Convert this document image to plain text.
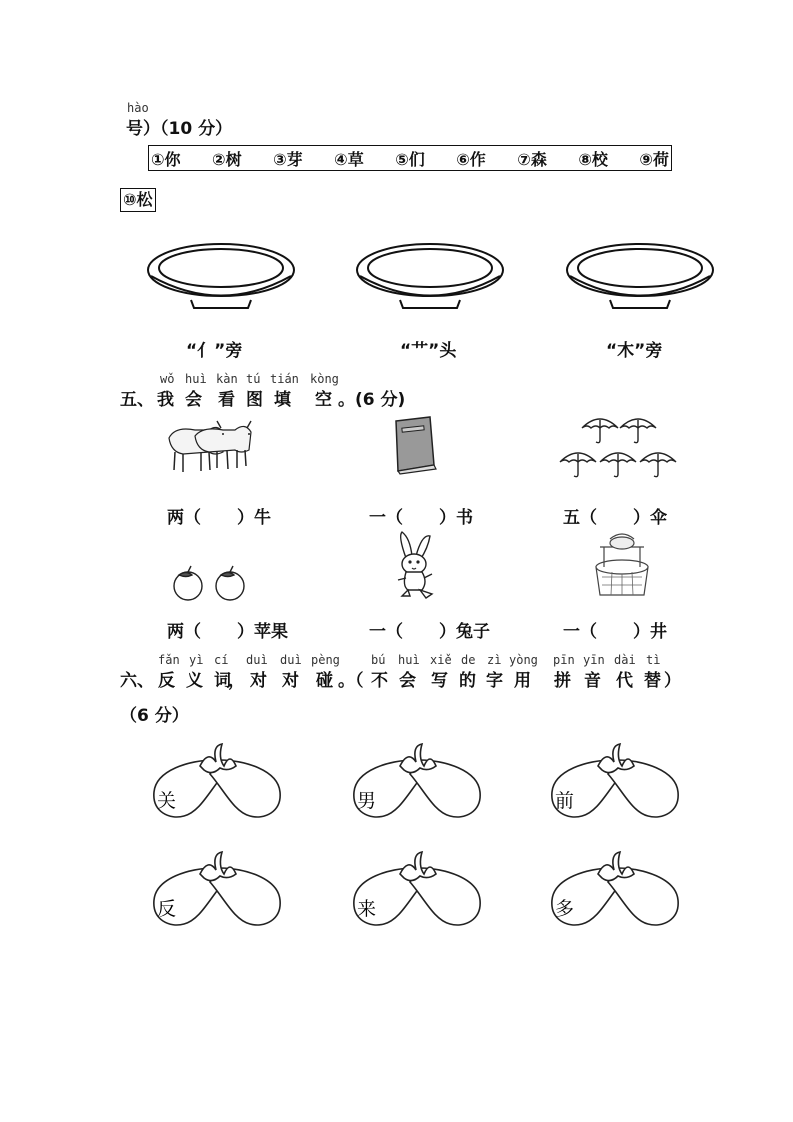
hào
号）（10 分）
①你 ②树 ③芽 ④草 ⑤们 ⑥作 ⑦森 ⑧校 ⑨荷
⑩松
“亻”旁	“艹”头	“木”旁
wǒ huì kàn tú tián kòng
五、 我 会 看 图 填 空 。(6 分)
两（ ）牛	一（ ）书	五（ ）伞
两（ ）苹果	一（ ）兔子	一（ ）井
fǎn yì cí duì duì pèng	bú huì xiě de zì yòng pīn yīn dài tì
六、 反 义 词
， 对 对 碰 。（ 不 会 写 的 字 用 拼 音 代 替 ）
（6 分）
关	男	前
反	来	多
